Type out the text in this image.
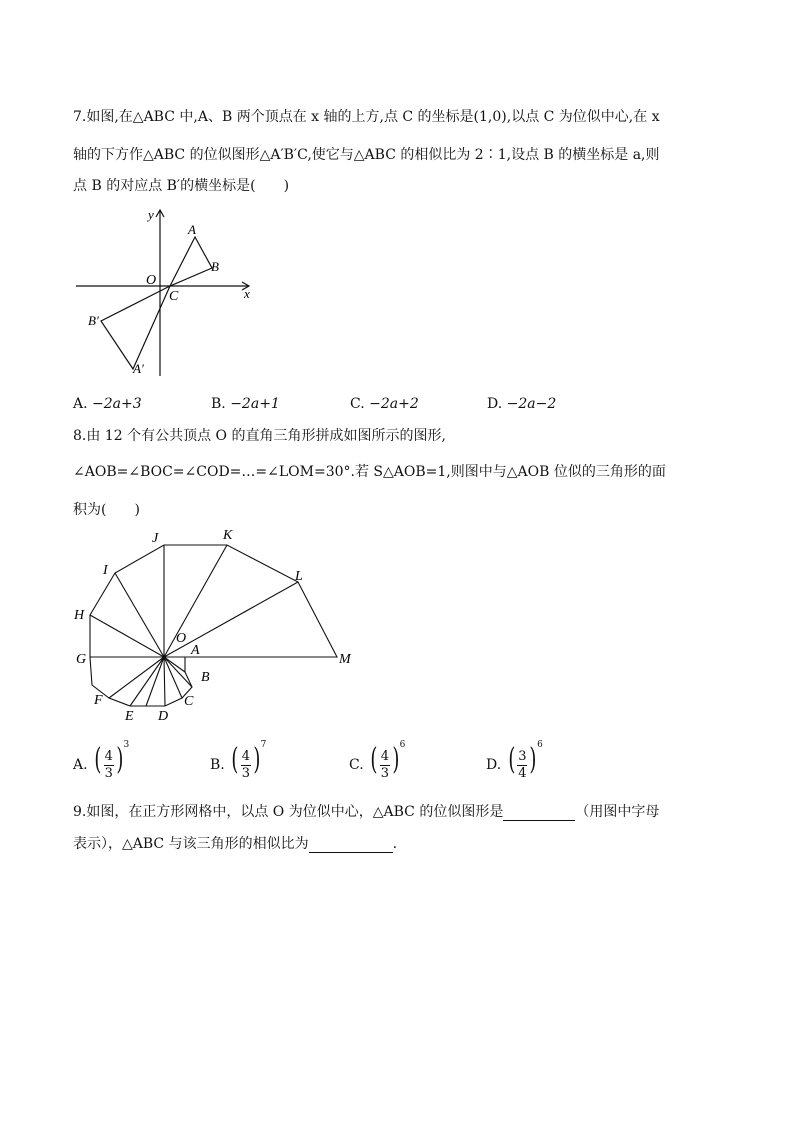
7.如图,在△ABC 中,A、B 两个顶点在 x 轴的上方,点 C 的坐标是(1,0),以点 C 为位似中心,在 x
轴的下方作△ABC 的位似图形△A′B′C,使它与△ABC 的相似比为 2∶1,设点 B 的横坐标是 a,则
点 B 的对应点 B′的横坐标是(　　)
y
x
O
C
A
B
B′
A′
A. −2a+3	B. −2a+1	C. −2a+2	D. −2a−2
8.由 12 个有公共顶点 O 的直角三角形拼成如图所示的图形,
∠AOB=∠BOC=∠COD=…=∠LOM=30°.若 S△AOB=1,则图中与△AOB 位似的三角形的面
积为(　　)
J	K
I	L
H
O
G
A
M
B
F	C
E D
A. ( $\frac{4}{3} )^3$
B. ( $\frac{4}{3} )^7$
C. ( $\frac{4}{3} )^6$
D. ( $\frac{3}{4} )^6$
9.如图，在正方形网格中，以点 O 为位似中心，△ABC 的位似图形是	（用图中字母
表示），△ABC 与该三角形的相似比为	.
